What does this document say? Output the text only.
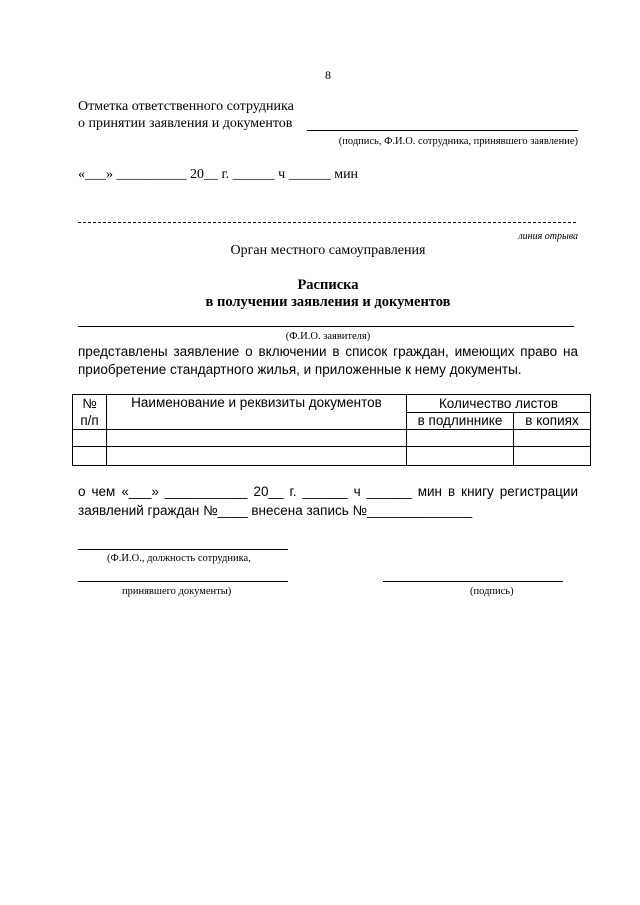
8
Отметка ответственного сотрудника
о принятии заявления и документов
(подпись, Ф.И.О. сотрудника, принявшего заявление)
«___» __________ 20__ г. ______ ч ______ мин
линия отрыва
Орган местного самоуправления
Расписка
в получении заявления и документов
(Ф.И.О. заявителя)
представлены заявление о включении в список граждан, имеющих право на
приобретение стандартного жилья, и приложенные к нему документы.
№
п/п	Наименование и реквизиты документов	Количество листов	
		в подлиннике	в копиях

о чем «___» ___________ 20__ г. ______ ч ______ мин в книгу регистрации
заявлений граждан №____ внесена запись №______________
(Ф.И.О., должность сотрудника,
принявшего документы)	(подпись)
